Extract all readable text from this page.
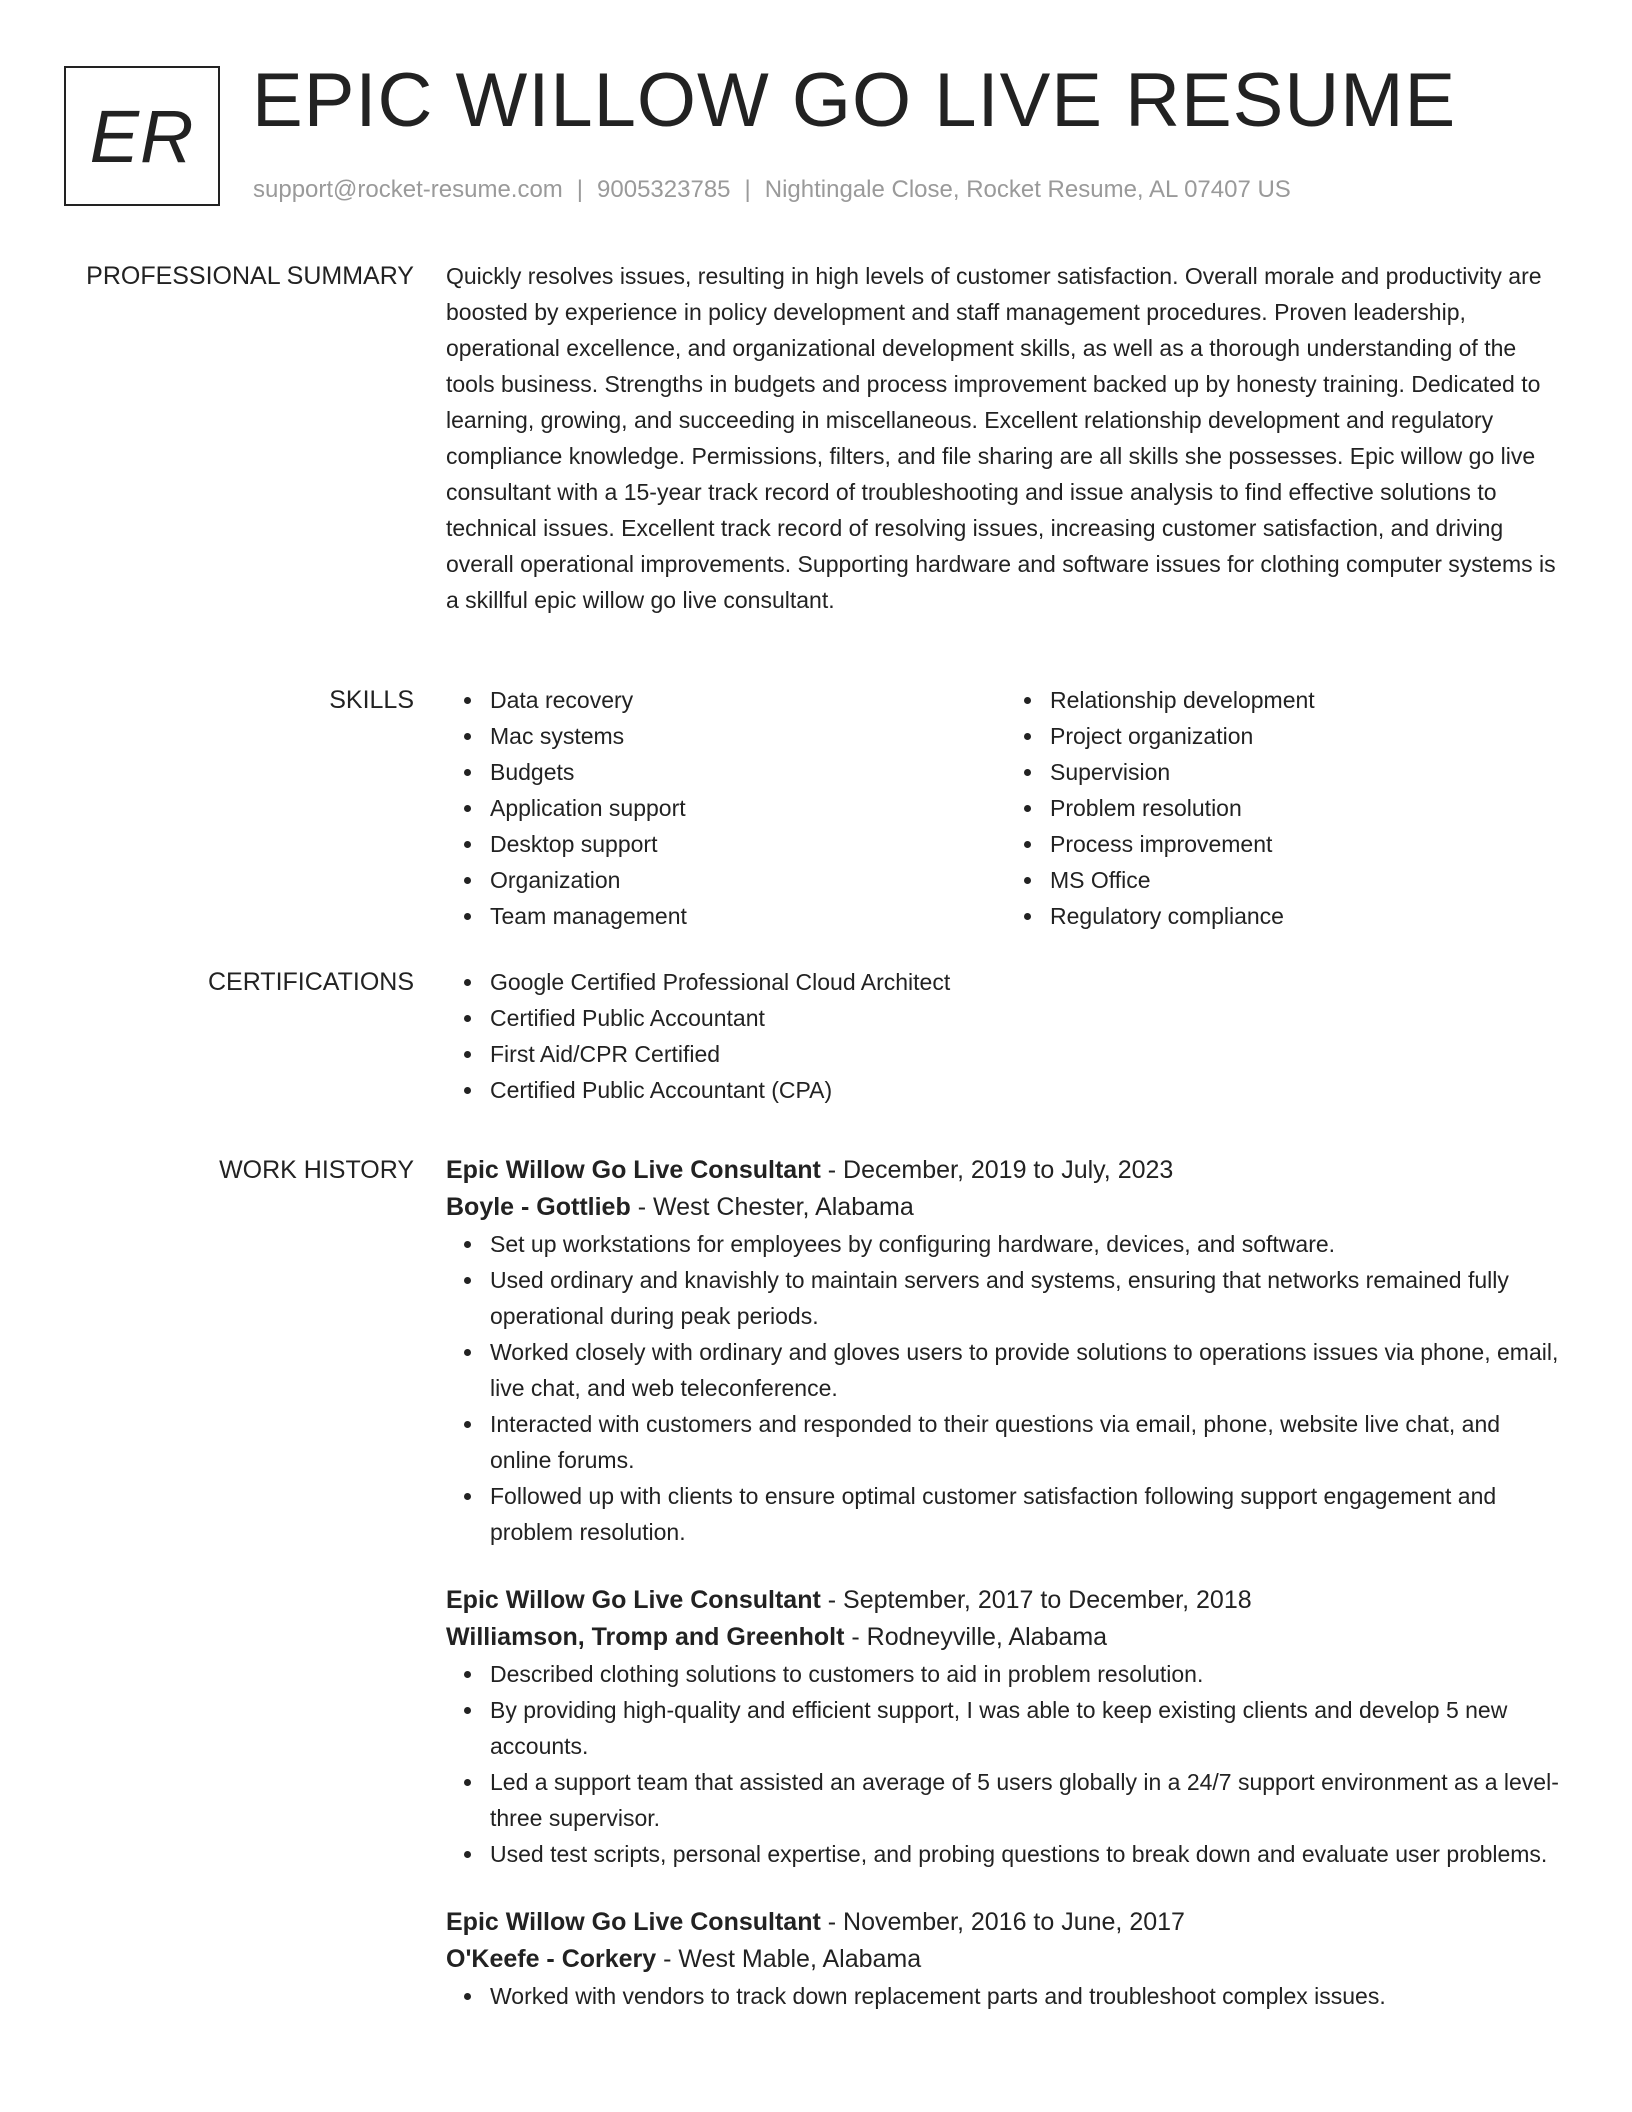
ER EPIC WILLOW GO LIVE RESUME
support@rocket-resume.com | 9005323785 | Nightingale Close, Rocket Resume, AL 07407 US
PROFESSIONAL SUMMARY Quickly resolves issues, resulting in high levels of customer satisfaction. Overall morale and productivity are boosted by experience in policy development and staff management procedures. Proven leadership, operational excellence, and organizational development skills, as well as a thorough understanding of the tools business. Strengths in budgets and process improvement backed up by honesty training. Dedicated to learning, growing, and succeeding in miscellaneous. Excellent relationship development and regulatory compliance knowledge. Permissions, filters, and file sharing are all skills she possesses. Epic willow go live consultant with a 15-year track record of troubleshooting and issue analysis to find effective solutions to technical issues. Excellent track record of resolving issues, increasing customer satisfaction, and driving overall operational improvements. Supporting hardware and software issues for clothing computer systems is a skillful epic willow go live consultant.

SKILLS	Data recovery
Mac systems
Budgets
Application support
Desktop support
Organization
Team management
Relationship development
Project organization
Supervision
Problem resolution
Process improvement
MS Office
Regulatory compliance
CERTIFICATIONS	Google Certified Professional Cloud Architect
Certified Public Accountant
First Aid/CPR Certified
Certified Public Accountant (CPA)
WORK HISTORY Epic Willow Go Live Consultant - December, 2019 to July, 2023
Boyle - Gottlieb - West Chester, Alabama
Set up workstations for employees by configuring hardware, devices, and software.
Used ordinary and knavishly to maintain servers and systems, ensuring that networks remained fully operational during peak periods.
Worked closely with ordinary and gloves users to provide solutions to operations issues via phone, email, live chat, and web teleconference.
Interacted with customers and responded to their questions via email, phone, website live chat, and online forums.
Followed up with clients to ensure optimal customer satisfaction following support engagement and problem resolution.
Epic Willow Go Live Consultant - September, 2017 to December, 2018
Williamson, Tromp and Greenholt - Rodneyville, Alabama
Described clothing solutions to customers to aid in problem resolution.
By providing high-quality and efficient support, I was able to keep existing clients and develop 5 new accounts.
Led a support team that assisted an average of 5 users globally in a 24/7 support environment as a level-three supervisor.
Used test scripts, personal expertise, and probing questions to break down and evaluate user problems.
Epic Willow Go Live Consultant - November, 2016 to June, 2017
O'Keefe - Corkery - West Mable, Alabama
Worked with vendors to track down replacement parts and troubleshoot complex issues.
